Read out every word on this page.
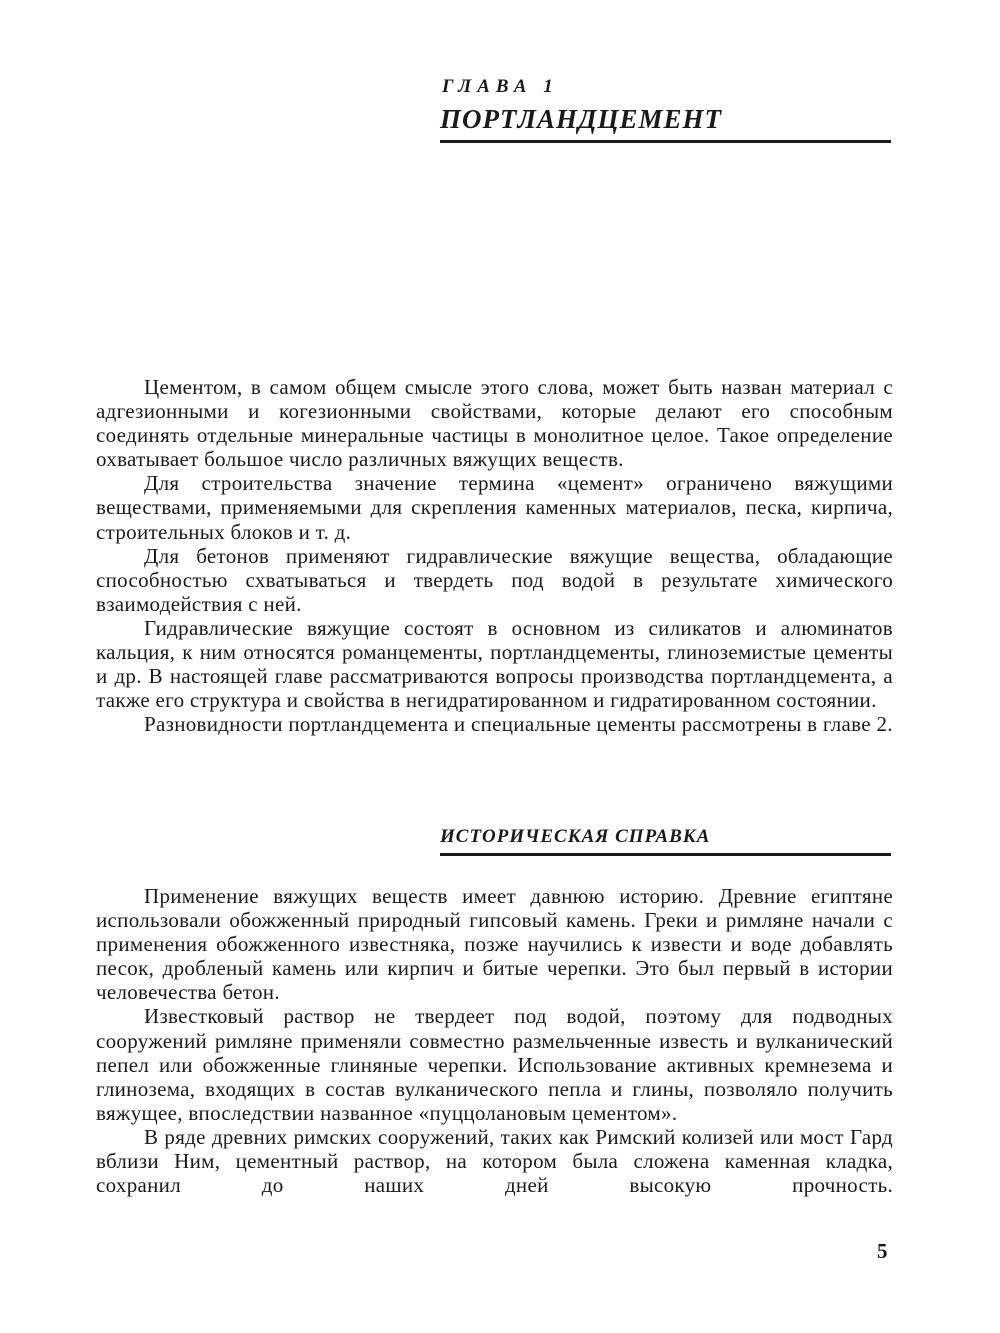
ГЛАВА 1
ПОРТЛАНДЦЕМЕНТ

Цементом, в самом общем смысле этого слова, может быть назван материал с адгезионными и когезионными свойствами, которые делают его способным соединять отдельные минеральные частицы в монолитное целое. Такое определение охватывает большое число различных вяжущих веществ.

Для строительства значение термина «цемент» ограничено вяжущими веществами, применяемыми для скрепления каменных материалов, песка, кирпича, строительных блоков и т. д.

Для бетонов применяют гидравлические вяжущие вещества, обладающие способностью схватываться и твердеть под водой в результате химического взаимодействия с ней.

Гидравлические вяжущие состоят в основном из силикатов и алюминатов кальция, к ним относятся романцементы, портландцементы, глиноземистые цементы и др. В настоящей главе рассматриваются вопросы производства портландцемента, а также его структура и свойства в негидратированном и гидратированном состоянии.

Разновидности портландцемента и специальные цементы рассмотрены в главе 2.

ИСТОРИЧЕСКАЯ СПРАВКА

Применение вяжущих веществ имеет давнюю историю. Древние египтяне использовали обожженный природный гипсовый камень. Греки и римляне начали с применения обожженного известняка, позже научились к извести и воде добавлять песок, дробленый камень или кирпич и битые черепки. Это был первый в истории человечества бетон.

Известковый раствор не твердеет под водой, поэтому для подводных сооружений римляне применяли совместно размельченные известь и вулканический пепел или обожженные глиняные черепки. Использование активных кремнезема и глинозема, входящих в состав вулканического пепла и глины, позволяло получить вяжущее, впоследствии названное «пуццолановым цементом».

В ряде древних римских сооружений, таких как Римский колизей или мост Гард вблизи Ним, цементный раствор, на котором была сложена каменная кладка, сохранил до наших дней высокую прочность.

5
